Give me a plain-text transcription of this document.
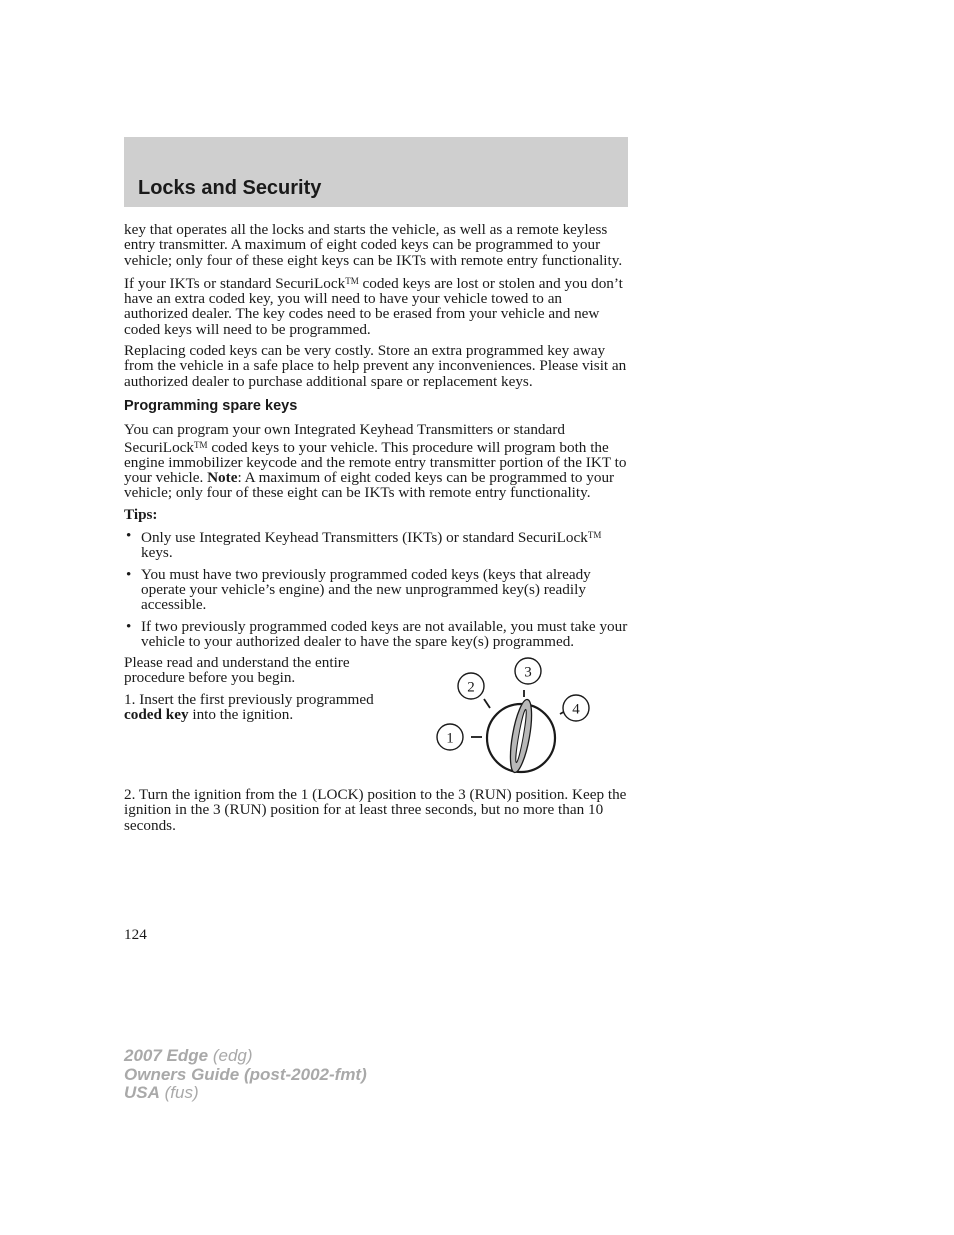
Locks and Security

key that operates all the locks and starts the vehicle, as well as a remote keyless entry transmitter. A maximum of eight coded keys can be programmed to your vehicle; only four of these eight keys can be IKTs with remote entry functionality.

If your IKTs or standard SecuriLock™ coded keys are lost or stolen and you don’t have an extra coded key, you will need to have your vehicle towed to an authorized dealer. The key codes need to be erased from your vehicle and new coded keys will need to be programmed.

Replacing coded keys can be very costly. Store an extra programmed key away from the vehicle in a safe place to help prevent any inconveniences. Please visit an authorized dealer to purchase additional spare or replacement keys.

Programming spare keys

You can program your own Integrated Keyhead Transmitters or standard SecuriLock™ coded keys to your vehicle. This procedure will program both the engine immobilizer keycode and the remote entry transmitter portion of the IKT to your vehicle. Note: A maximum of eight coded keys can be programmed to your vehicle; only four of these eight can be IKTs with remote entry functionality.

Tips:

• Only use Integrated Keyhead Transmitters (IKTs) or standard SecuriLock™ keys.
• You must have two previously programmed coded keys (keys that already operate your vehicle’s engine) and the new unprogrammed key(s) readily accessible.
• If two previously programmed coded keys are not available, you must take your vehicle to your authorized dealer to have the spare key(s) programmed.

Please read and understand the entire procedure before you begin.

1. Insert the first previously programmed coded key into the ignition.

1
2
3
4

2. Turn the ignition from the 1 (LOCK) position to the 3 (RUN) position. Keep the ignition in the 3 (RUN) position for at least three seconds, but no more than 10 seconds.

124
2007 Edge (edg)
Owners Guide (post-2002-fmt)
USA (fus)
